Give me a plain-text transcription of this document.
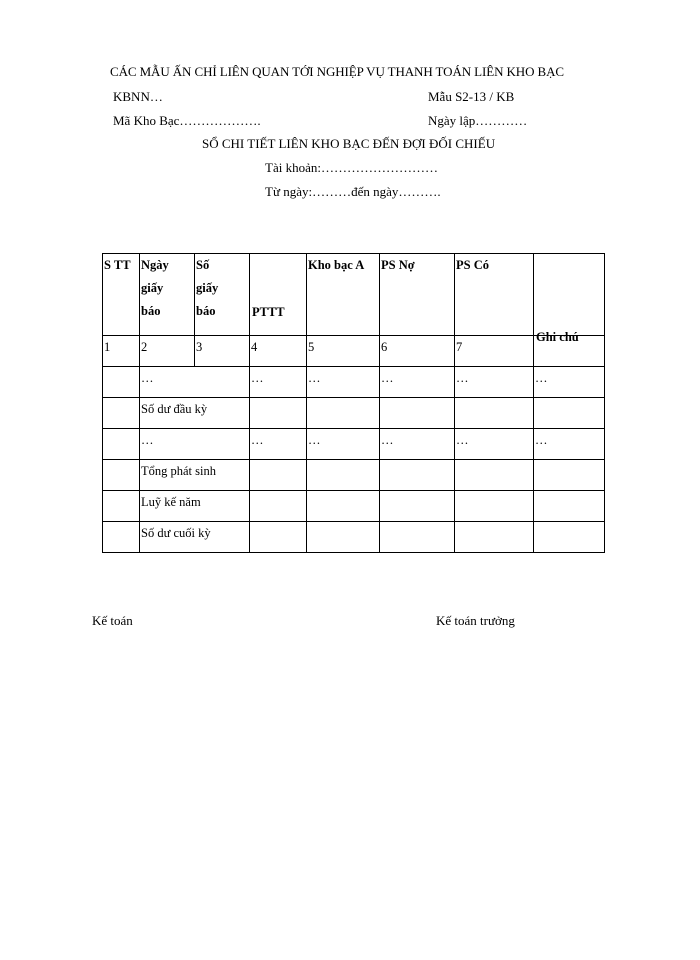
CÁC MẪU ẤN CHỈ LIÊN QUAN TỚI NGHIỆP VỤ THANH TOÁN LIÊN KHO BẠC
KBNN…	Mẫu S2-13 / KB
Mã Kho Bạc……………….	Ngày lập…………
SỔ CHI TIẾT LIÊN KHO BẠC ĐẾN ĐỢI ĐỐI CHIẾU
Tài khoản:………………………
Từ ngày:………đến ngày……….
S TT	Ngày giấy báo	Số giấy báo	PTTT	Kho bạc A	PS Nợ	PS Có	Ghi chú

1	2	3	4	5	6	7	
	…		…	…	…	…	…
	Số dư đầu kỳ						
	…		…	…	…	…	…
	Tổng phát sinh						
	Luỹ kế năm						
	Số dư cuối kỳ						
Kế toán	Kế toán trưởng
